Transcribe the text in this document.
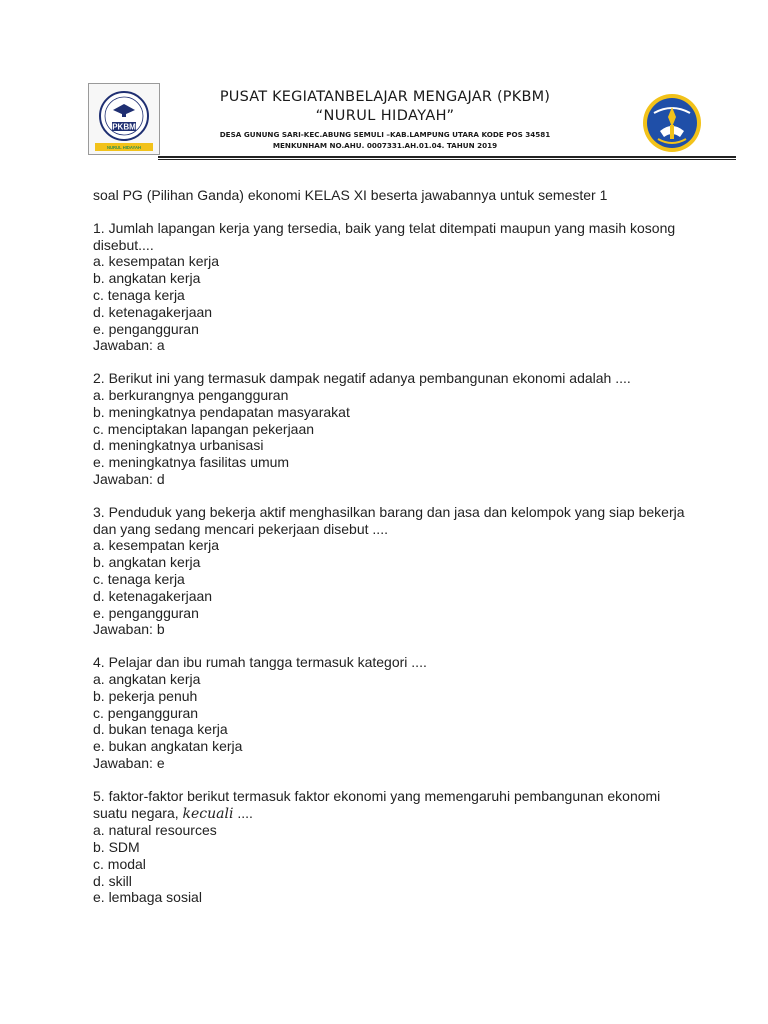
PKBM
NURUL HIDAYAH
PUSAT KEGIATANBELAJAR MENGAJAR (PKBM)
“NURUL HIDAYAH”
DESA GUNUNG SARI-KEC.ABUNG SEMULI –KAB.LAMPUNG UTARA KODE POS 34581
MENKUNHAM NO.AHU. 0007331.AH.01.04. TAHUN 2019

soal PG (Pilihan Ganda) ekonomi KELAS XI beserta jawabannya untuk semester 1

1. Jumlah lapangan kerja yang tersedia, baik yang telat ditempati maupun yang masih kosong disebut....
a. kesempatan kerja
b. angkatan kerja
c. tenaga kerja
d. ketenagakerjaan
e. pengangguran
Jawaban: a
2. Berikut ini yang termasuk dampak negatif adanya pembangunan ekonomi adalah ....
a. berkurangnya pengangguran
b. meningkatnya pendapatan masyarakat
c. menciptakan lapangan pekerjaan
d. meningkatnya urbanisasi
e. meningkatnya fasilitas umum
Jawaban: d
3. Penduduk yang bekerja aktif menghasilkan barang dan jasa dan kelompok yang siap bekerja dan yang sedang mencari pekerjaan disebut ....
a. kesempatan kerja
b. angkatan kerja
c. tenaga kerja
d. ketenagakerjaan
e. pengangguran
Jawaban: b
4. Pelajar dan ibu rumah tangga termasuk kategori ....
a. angkatan kerja
b. pekerja penuh
c. pengangguran
d. bukan tenaga kerja
e. bukan angkatan kerja
Jawaban: e
5. faktor-faktor berikut termasuk faktor ekonomi yang memengaruhi pembangunan ekonomi suatu negara, kecuali ....
a. natural resources
b. SDM
c. modal
d. skill
e. lembaga sosial
